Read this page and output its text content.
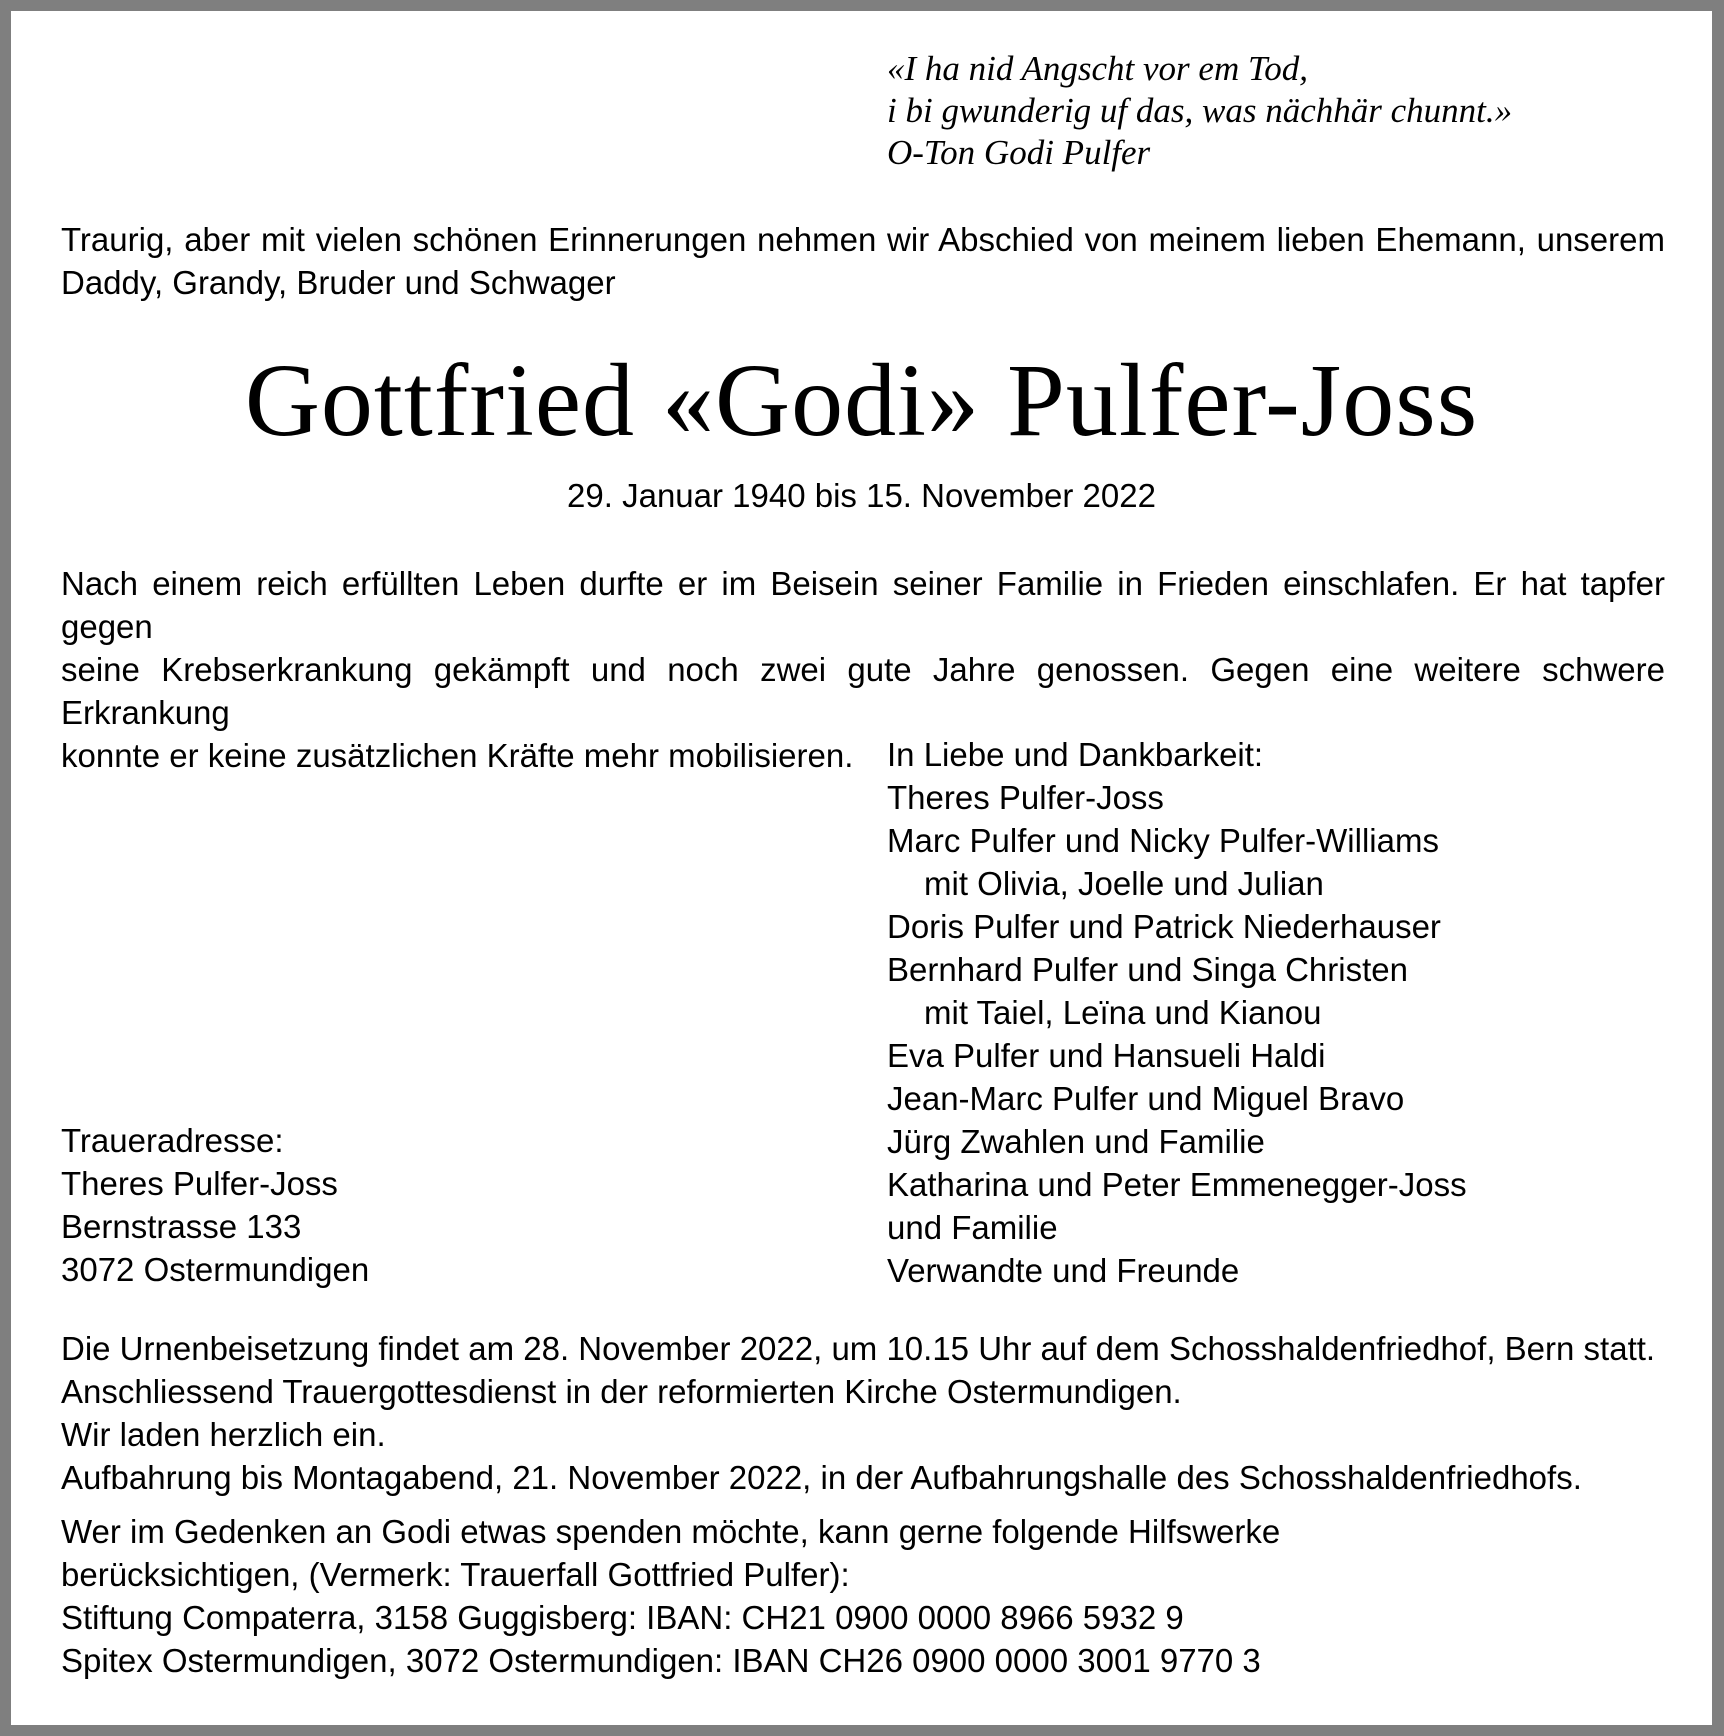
«I ha nid Angscht vor em Tod,
i bi gwunderig uf das, was nächhär chunnt.»
O-Ton Godi Pulfer
Traurig, aber mit vielen schönen Erinnerungen nehmen wir Abschied von meinem lieben Ehemann, unserem
Daddy, Grandy, Bruder und Schwager
Gottfried «Godi» Pulfer-Joss
29. Januar 1940 bis 15. November 2022
Nach einem reich erfüllten Leben durfte er im Beisein seiner Familie in Frieden einschlafen. Er hat tapfer gegen
seine Krebserkrankung gekämpft und noch zwei gute Jahre genossen. Gegen eine weitere schwere Erkrankung
konnte er keine zusätzlichen Kräfte mehr mobilisieren.	In Liebe und Dankbarkeit:
Theres Pulfer-Joss
Marc Pulfer und Nicky Pulfer-Williams
mit Olivia, Joelle und Julian
Doris Pulfer und Patrick Niederhauser
Bernhard Pulfer und Singa Christen
mit Taiel, Leïna und Kianou
Eva Pulfer und Hansueli Haldi
Jean-Marc Pulfer und Miguel Bravo
Jürg Zwahlen und Familie
Katharina und Peter Emmenegger-Joss
und Familie
Verwandte und Freunde
Traueradresse:
Theres Pulfer-Joss
Bernstrasse 133
3072 Ostermundigen
Die Urnenbeisetzung findet am 28. November 2022, um 10.15 Uhr auf dem Schosshaldenfriedhof, Bern statt.
Anschliessend Trauergottesdienst in der reformierten Kirche Ostermundigen.
Wir laden herzlich ein.
Aufbahrung bis Montagabend, 21. November 2022, in der Aufbahrungshalle des Schosshaldenfriedhofs.
Wer im Gedenken an Godi etwas spenden möchte, kann gerne folgende Hilfswerke
berücksichtigen, (Vermerk: Trauerfall Gottfried Pulfer):
Stiftung Compaterra, 3158 Guggisberg: IBAN: CH21 0900 0000 8966 5932 9
Spitex Ostermundigen, 3072 Ostermundigen: IBAN CH26 0900 0000 3001 9770 3
